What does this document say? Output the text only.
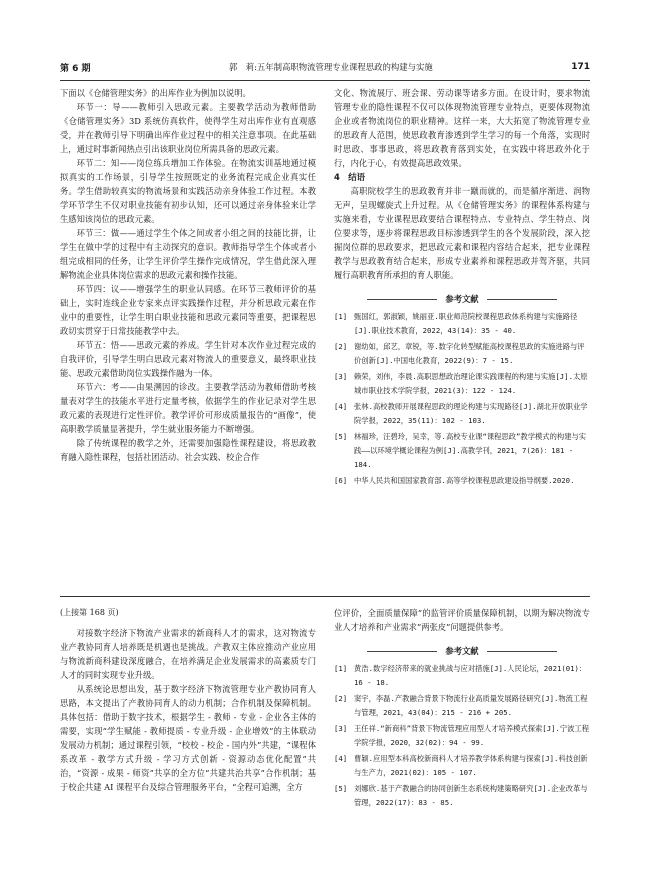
第 6 期	郭　莉:五年制高职物流管理专业课程思政的构建与实施	171

下面以《仓储管理实务》的出库作业为例加以说明。

环节一：导——教师引入思政元素。主要教学活动为教师借助《仓储管理实务》3D 系统仿真软件，使得学生对出库作业有直观感受，并在教师引导下明确出库作业过程中的相关注意事项。在此基础上，通过时事新闻热点引出该职业岗位所需具备的思政元素。

环节二：知——岗位练兵增加工作体验。在物流实训基地通过模拟真实的工作场景，引导学生按照既定的业务流程完成企业真实任务。学生借助较真实的物流场景和实践活动亲身体验工作过程。本教学环节学生不仅对职业技能有初步认知，还可以通过亲身体验来让学生感知该岗位的思政元素。

环节三：做——通过学生个体之间或者小组之间的技能比拼，让学生在做中学的过程中有主动探究的意识。教师指导学生个体或者小组完成相同的任务，让学生评价学生操作完成情况，学生借此深入理解物流企业具体岗位需求的思政元素和操作技能。

环节四：议——增强学生的职业认同感。在环节三教师评价的基础上，实时连线企业专家来点评实践操作过程，并分析思政元素在作业中的重要性，让学生明白职业技能和思政元素同等重要，把课程思政切实贯穿于日常技能教学中去。

环节五：悟——思政元素的养成。学生针对本次作业过程完成的自我评价，引导学生明白思政元素对物流人的重要意义，最终职业技能、思政元素借助岗位实践操作融为一体。

环节六：考——由果溯因的诊改。主要教学活动为教师借助考核量表对学生的技能水平进行定量考核，依据学生的作业记录对学生思政元素的表现进行定性评价。教学评价可形成质量报告的“画像”，使高职教学质量显著提升，学生就业服务能力不断增强。

除了传统课程的教学之外，还需要加强隐性课程建设，将思政教育融入隐性课程，包括社团活动、社会实践、校企合作

文化、物流展厅、班会课、劳动课等诸多方面。在设计时，要求物流管理专业的隐性课程不仅可以体现物流管理专业特点，更要体现物流企业或者物流岗位的职业精神。这样一来，大大拓宽了物流管理专业的思政育人范围，使思政教育渗透到学生学习的每一个角落，实现时时思政、事事思政，将思政教育落到实处，在实践中将思政外化于行，内化于心，有效提高思政效果。

4　结语

高职院校学生的思政教育并非一蹴而就的，而是循序渐进、润物无声，呈现螺旋式上升过程。从《仓储管理实务》的课程体系构建与实施来看，专业课程思政要结合课程特点、专业特点、学生特点、岗位要求等，逐步将课程思政目标渗透到学生的各个发展阶段，深入挖掘岗位群的思政要求，把思政元素和课程内容结合起来，把专业课程教学与思政教育结合起来，形成专业素养和课程思政并驾齐驱，共同履行高职教育所承担的育人职能。

参考文献
[1] 甄国红，郭淑颖，姚丽亚.职业师范院校课程思政体系构建与实施路径[J].职业技术教育，2022，43(14)：35 - 40.
[2] 谢幼如，邱艺，章锐，等.数字化转型赋能高校课程思政的实施进路与评价创新[J].中国电化教育，2022(9)：7 - 15.
[3] 赖荣，刘伟，李晨.高职思想政治理论课实践课程的构建与实施[J].太原城市职业技术学院学报，2021(3)：122 - 124.
[4] 张林.高校教师开展课程思政的理论构建与实现路径[J].湖北开放职业学院学报，2022，35(11)：102 - 103.
[5] 林福珍，汪碧玲，吴幸，等.高校专业课“课程思政”教学模式的构建与实践——以环境学概论课程为例[J].高教学刊，2021，7(26)：181 - 184.
[6] 中华人民共和国国家教育部.高等学校课程思政建设指导纲要.2020.
(上接第 168 页)

对接数字经济下物流产业需求的新商科人才的需求，这对物流专业产教协同育人培养既是机遇也是挑战。产教双主体应推动产业应用与物流新商科建设深度融合，在培养满足企业发展需求的高素质专门人才的同时实现专业升级。

从系统论思想出发，基于数字经济下物流管理专业产教协同育人思路，本文提出了产教协同育人的动力机制；合作机制及保障机制。具体包括：借助于数字技术，根据学生 - 教师 - 专业 - 企业各主体的需要，实现“学生赋能 - 教师提质 - 专业升级 - 企业增效”的主体联动发展动力机制；通过课程引领，“校校 - 校企 - 国内外”共建，“课程体系改革 - 教学方式升级 - 学习方式创新 - 资源动态优化配置”共治，“资源 - 成果 - 师资”共享的全方位“共建共治共享”合作机制；基于校企共建 AI 课程平台及综合管理服务平台，“全程可追溯，全方

位评价，全面质量保障”的监管评价质量保障机制，以期为解决物流专业人才培养和产业需求”两张皮”问题提供参考。

参考文献
[1] 黄浩.数字经济带来的就业挑战与应对措施[J].人民论坛，2021(01)：16 - 18.
[2] 窦宇，李磊.产教融合背景下物流行业高质量发展路径研究[J].物流工程与管理，2021，43(04)：215 - 216 + 205.
[3] 王任祥.“新商科”背景下物流管理应用型人才培养模式探索[J].宁波工程学院学报，2020，32(02)：94 - 99.
[4] 曹颖.应用型本科高校新商科人才培养教学体系构建与探索[J].科技创新与生产力，2021(02)：105 - 107.
[5] 刘娜欣.基于产教融合的协同创新生态系统构建策略研究[J].企业改革与管理，2022(17)：83 - 85.
